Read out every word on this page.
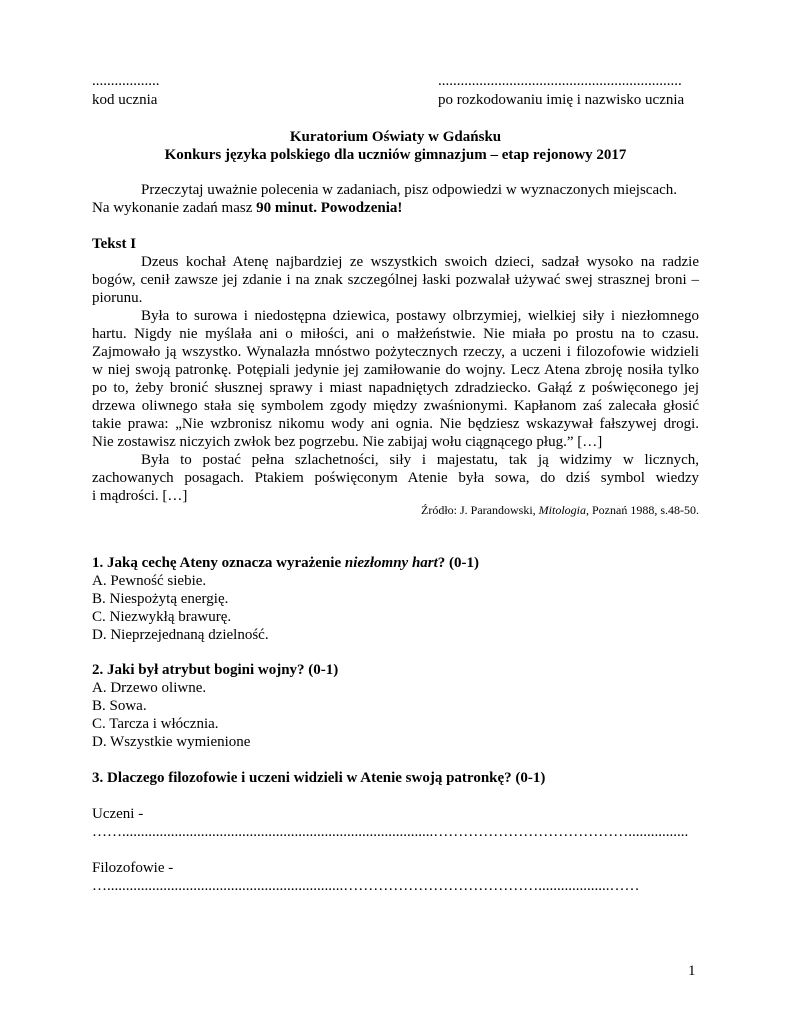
..................
kod ucznia
.................................................................
po rozkodowaniu imię i nazwisko ucznia
Kuratorium Oświaty w Gdańsku
Konkurs języka polskiego dla uczniów gimnazjum – etap rejonowy 2017
Przeczytaj uważnie polecenia w zadaniach, pisz odpowiedzi w wyznaczonych miejscach.
Na wykonanie zadań masz 90 minut. Powodzenia!
Tekst I
Dzeus kochał Atenę najbardziej ze wszystkich swoich dzieci, sadzał wysoko na radzie
bogów, cenił zawsze jej zdanie i na znak szczególnej łaski pozwalał używać swej strasznej broni –
piorunu.
Była to surowa i niedostępna dziewica, postawy olbrzymiej, wielkiej siły i niezłomnego
hartu. Nigdy nie myślała ani o miłości, ani o małżeństwie. Nie miała po prostu na to czasu.
Zajmowało ją wszystko. Wynalazła mnóstwo pożytecznych rzeczy, a uczeni i filozofowie widzieli
w niej swoją patronkę. Potępiali jedynie jej zamiłowanie do wojny. Lecz Atena zbroję nosiła tylko
po to, żeby bronić słusznej sprawy i miast napadniętych zdradziecko. Gałąź z poświęconego jej
drzewa oliwnego stała się symbolem zgody między zwaśnionymi. Kapłanom zaś zalecała głosić
takie prawa: „Nie wzbronisz nikomu wody ani ognia. Nie będziesz wskazywał fałszywej drogi.
Nie zostawisz niczyich zwłok bez pogrzebu. Nie zabijaj wołu ciągnącego pług.” […]
Była to postać pełna szlachetności, siły i majestatu, tak ją widzimy w licznych,
zachowanych posagach. Ptakiem poświęconym Atenie była sowa, do dziś symbol wiedzy
i mądrości. […]
Źródło: J. Parandowski, Mitologia, Poznań 1988, s.48-50.
1. Jaką cechę Ateny oznacza wyrażenie niezłomny hart? (0-1)
A. Pewność siebie.
B. Niespożytą energię.
C. Niezwykłą brawurę.
D. Nieprzejednaną dzielność.
2. Jaki był atrybut bogini wojny? (0-1)
A. Drzewo oliwne.
B. Sowa.
C. Tarcza i włócznia.
D. Wszystkie wymienione
3. Dlaczego filozofowie i uczeni widzieli w Atenie swoją patronkę? (0-1)
Uczeni -
……...................................................................................…………………………………................
Filozofowie -
…...............................................................…………………………………...................……
1
